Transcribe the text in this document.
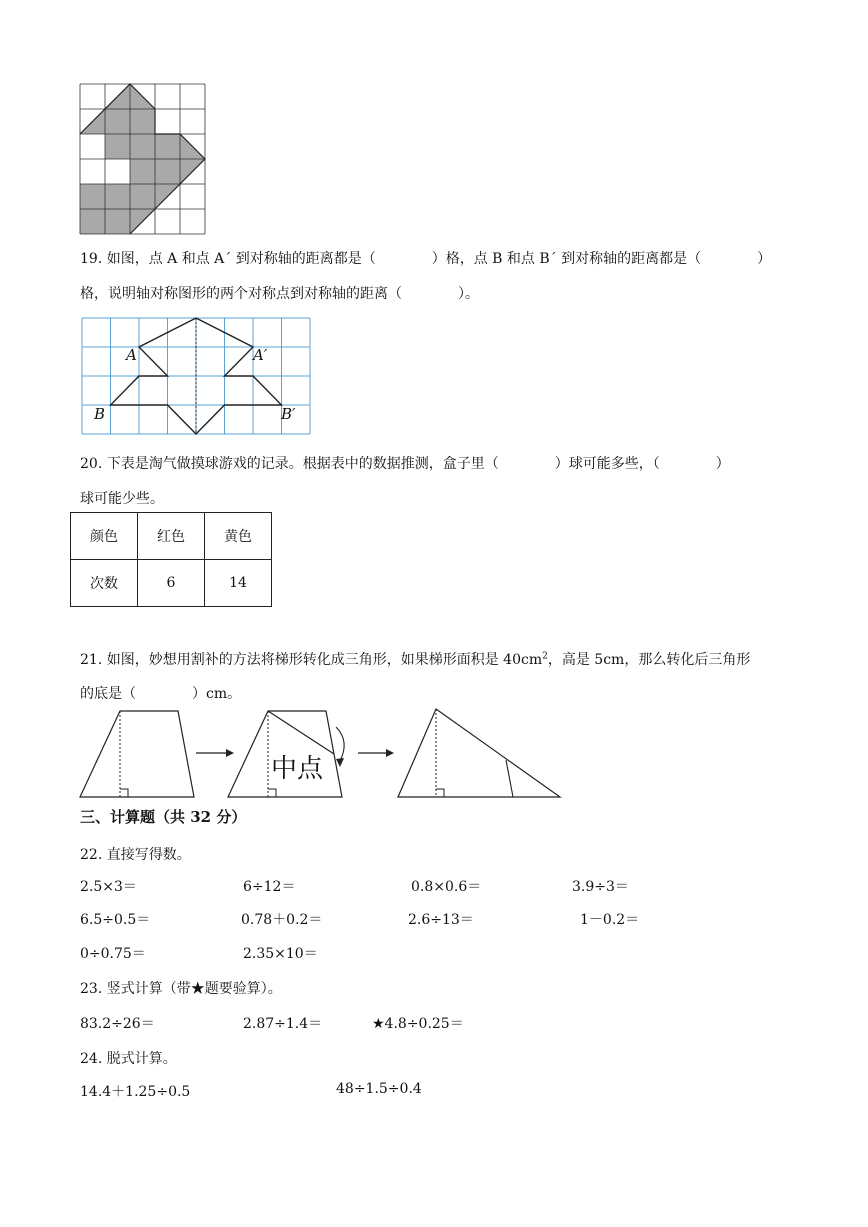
19. 如图，点 A 和点 A´ 到对称轴的距离都是（　　　　）格，点 B 和点 B´ 到对称轴的距离都是（　　　　）
格，说明轴对称图形的两个对称点到对称轴的距离（　　　　）。
A	A′
B	B′
20. 下表是淘气做摸球游戏的记录。根据表中的数据推测，盒子里（　　　　）球可能多些，（　　　　）
球可能少些。
颜色	红色	黄色
次数	6	14
21. 如图，妙想用割补的方法将梯形转化成三角形，如果梯形面积是 $40cm^2$，高是 5cm，那么转化后三角形
的底是（　　　　）cm。
中点
三、计算题（共 32 分）
22. 直接写得数。
2.5×3＝	6÷12＝	0.8×0.6＝	3.9÷3＝
6.5÷0.5＝	0.78＋0.2＝	2.6÷13＝	1－0.2＝
0÷0.75＝	2.35×10＝
23. 竖式计算（带★题要验算）。
83.2÷26＝	2.87÷1.4＝	★4.8÷0.25＝
24. 脱式计算。
14.4＋1.25÷0.5	48÷1.5÷0.4
